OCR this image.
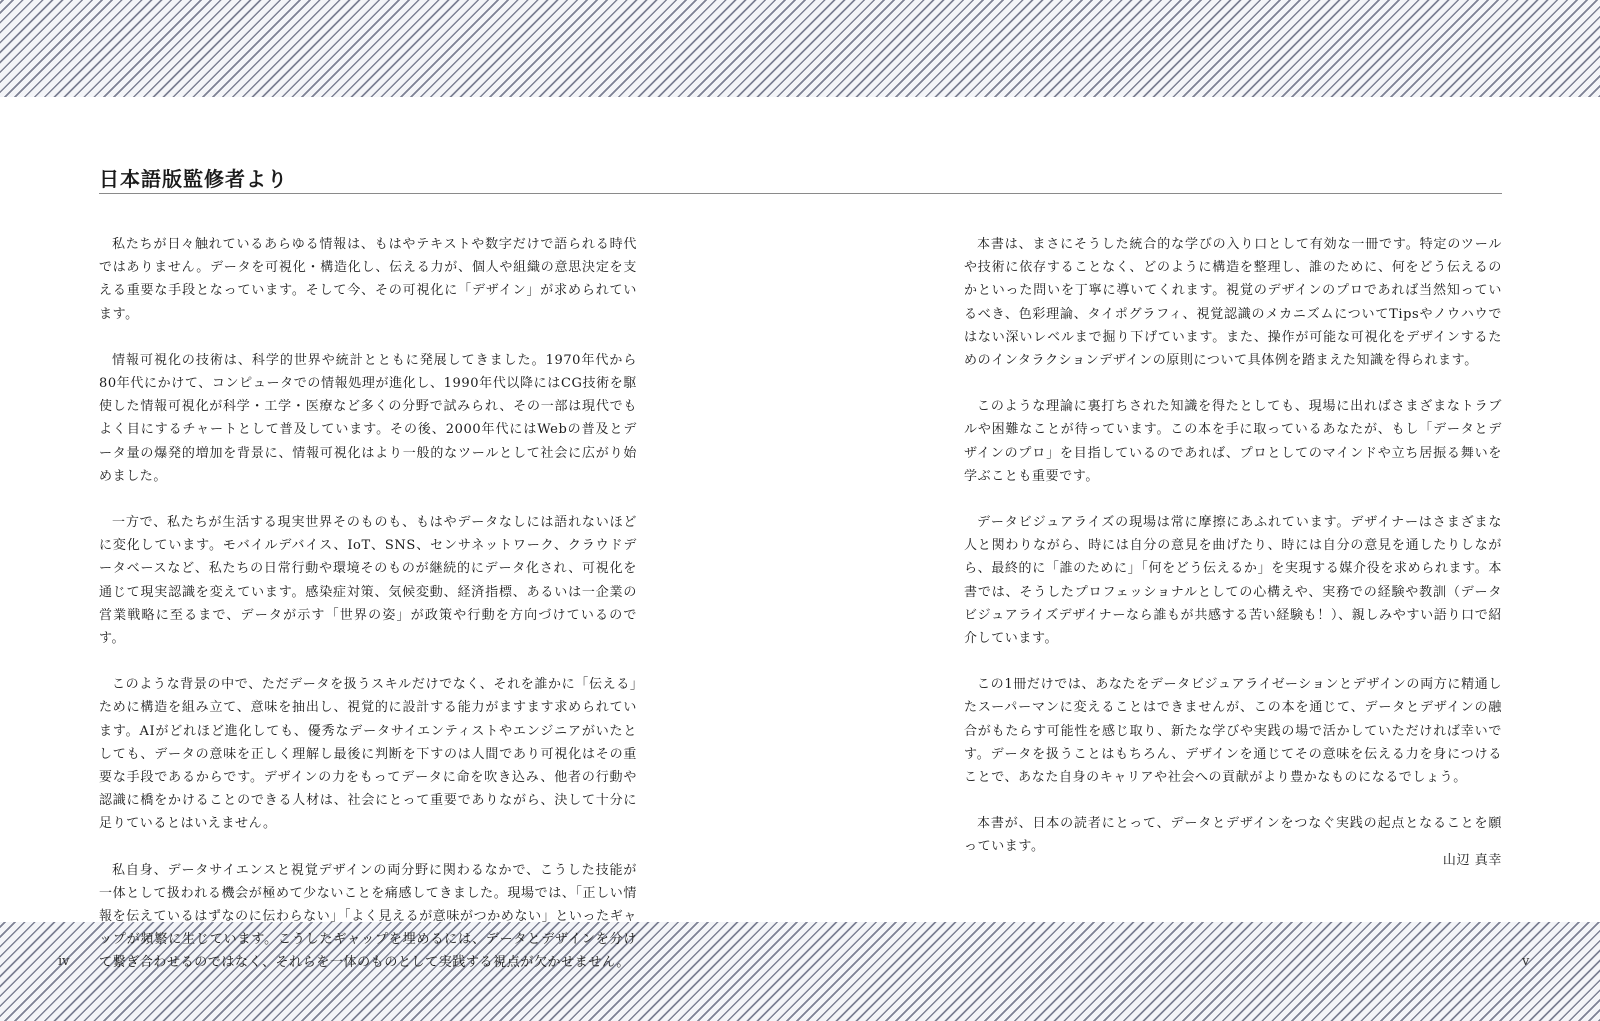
日本語版監修者より

私たちが日々触れているあらゆる情報は、もはやテキストや数字だけで語られる時代ではありません。データを可視化・構造化し、伝える力が、個人や組織の意思決定を支える重要な手段となっています。そして今、その可視化に「デザイン」が求められています。

情報可視化の技術は、科学的世界や統計とともに発展してきました。1970年代から80年代にかけて、コンピュータでの情報処理が進化し、1990年代以降にはCG技術を駆使した情報可視化が科学・工学・医療など多くの分野で試みられ、その一部は現代でもよく目にするチャートとして普及しています。その後、2000年代にはWebの普及とデータ量の爆発的増加を背景に、情報可視化はより一般的なツールとして社会に広がり始めました。

一方で、私たちが生活する現実世界そのものも、もはやデータなしには語れないほどに変化しています。モバイルデバイス、IoT、SNS、センサネットワーク、クラウドデータベースなど、私たちの日常行動や環境そのものが継続的にデータ化され、可視化を通じて現実認識を変えています。感染症対策、気候変動、経済指標、あるいは一企業の営業戦略に至るまで、データが示す「世界の姿」が政策や行動を方向づけているのです。

このような背景の中で、ただデータを扱うスキルだけでなく、それを誰かに「伝える」ために構造を組み立て、意味を抽出し、視覚的に設計する能力がますます求められています。AIがどれほど進化しても、優秀なデータサイエンティストやエンジニアがいたとしても、データの意味を正しく理解し最後に判断を下すのは人間であり可視化はその重要な手段であるからです。デザインの力をもってデータに命を吹き込み、他者の行動や認識に橋をかけることのできる人材は、社会にとって重要でありながら、決して十分に足りているとはいえません。

私自身、データサイエンスと視覚デザインの両分野に関わるなかで、こうした技能が一体として扱われる機会が極めて少ないことを痛感してきました。現場では、「正しい情報を伝えているはずなのに伝わらない」「よく見えるが意味がつかめない」といったギャップが頻繁に生じています。こうしたギャップを埋めるには、データとデザインを分けて繋ぎ合わせるのではなく、それらを一体のものとして実践する視点が欠かせません。

本書は、まさにそうした統合的な学びの入り口として有効な一冊です。特定のツールや技術に依存することなく、どのように構造を整理し、誰のために、何をどう伝えるのかといった問いを丁寧に導いてくれます。視覚のデザインのプロであれば当然知っているべき、色彩理論、タイポグラフィ、視覚認識のメカニズムについてTipsやノウハウではない深いレベルまで掘り下げています。また、操作が可能な可視化をデザインするためのインタラクションデザインの原則について具体例を踏まえた知識を得られます。

このような理論に裏打ちされた知識を得たとしても、現場に出ればさまざまなトラブルや困難なことが待っています。この本を手に取っているあなたが、もし「データとデザインのプロ」を目指しているのであれば、プロとしてのマインドや立ち居振る舞いを学ぶことも重要です。

データビジュアライズの現場は常に摩擦にあふれています。デザイナーはさまざまな人と関わりながら、時には自分の意見を曲げたり、時には自分の意見を通したりしながら、最終的に「誰のために」「何をどう伝えるか」を実現する媒介役を求められます。本書では、そうしたプロフェッショナルとしての心構えや、実務での経験や教訓（データビジュアライズデザイナーなら誰もが共感する苦い経験も！）、親しみやすい語り口で紹介しています。

この1冊だけでは、あなたをデータビジュアライゼーションとデザインの両方に精通したスーパーマンに変えることはできませんが、この本を通じて、データとデザインの融合がもたらす可能性を感じ取り、新たな学びや実践の場で活かしていただければ幸いです。データを扱うことはもちろん、デザインを通じてその意味を伝える力を身につけることで、あなた自身のキャリアや社会への貢献がより豊かなものになるでしょう。

本書が、日本の読者にとって、データとデザインをつなぐ実践の起点となることを願っています。

山辺 真幸

iv	v
